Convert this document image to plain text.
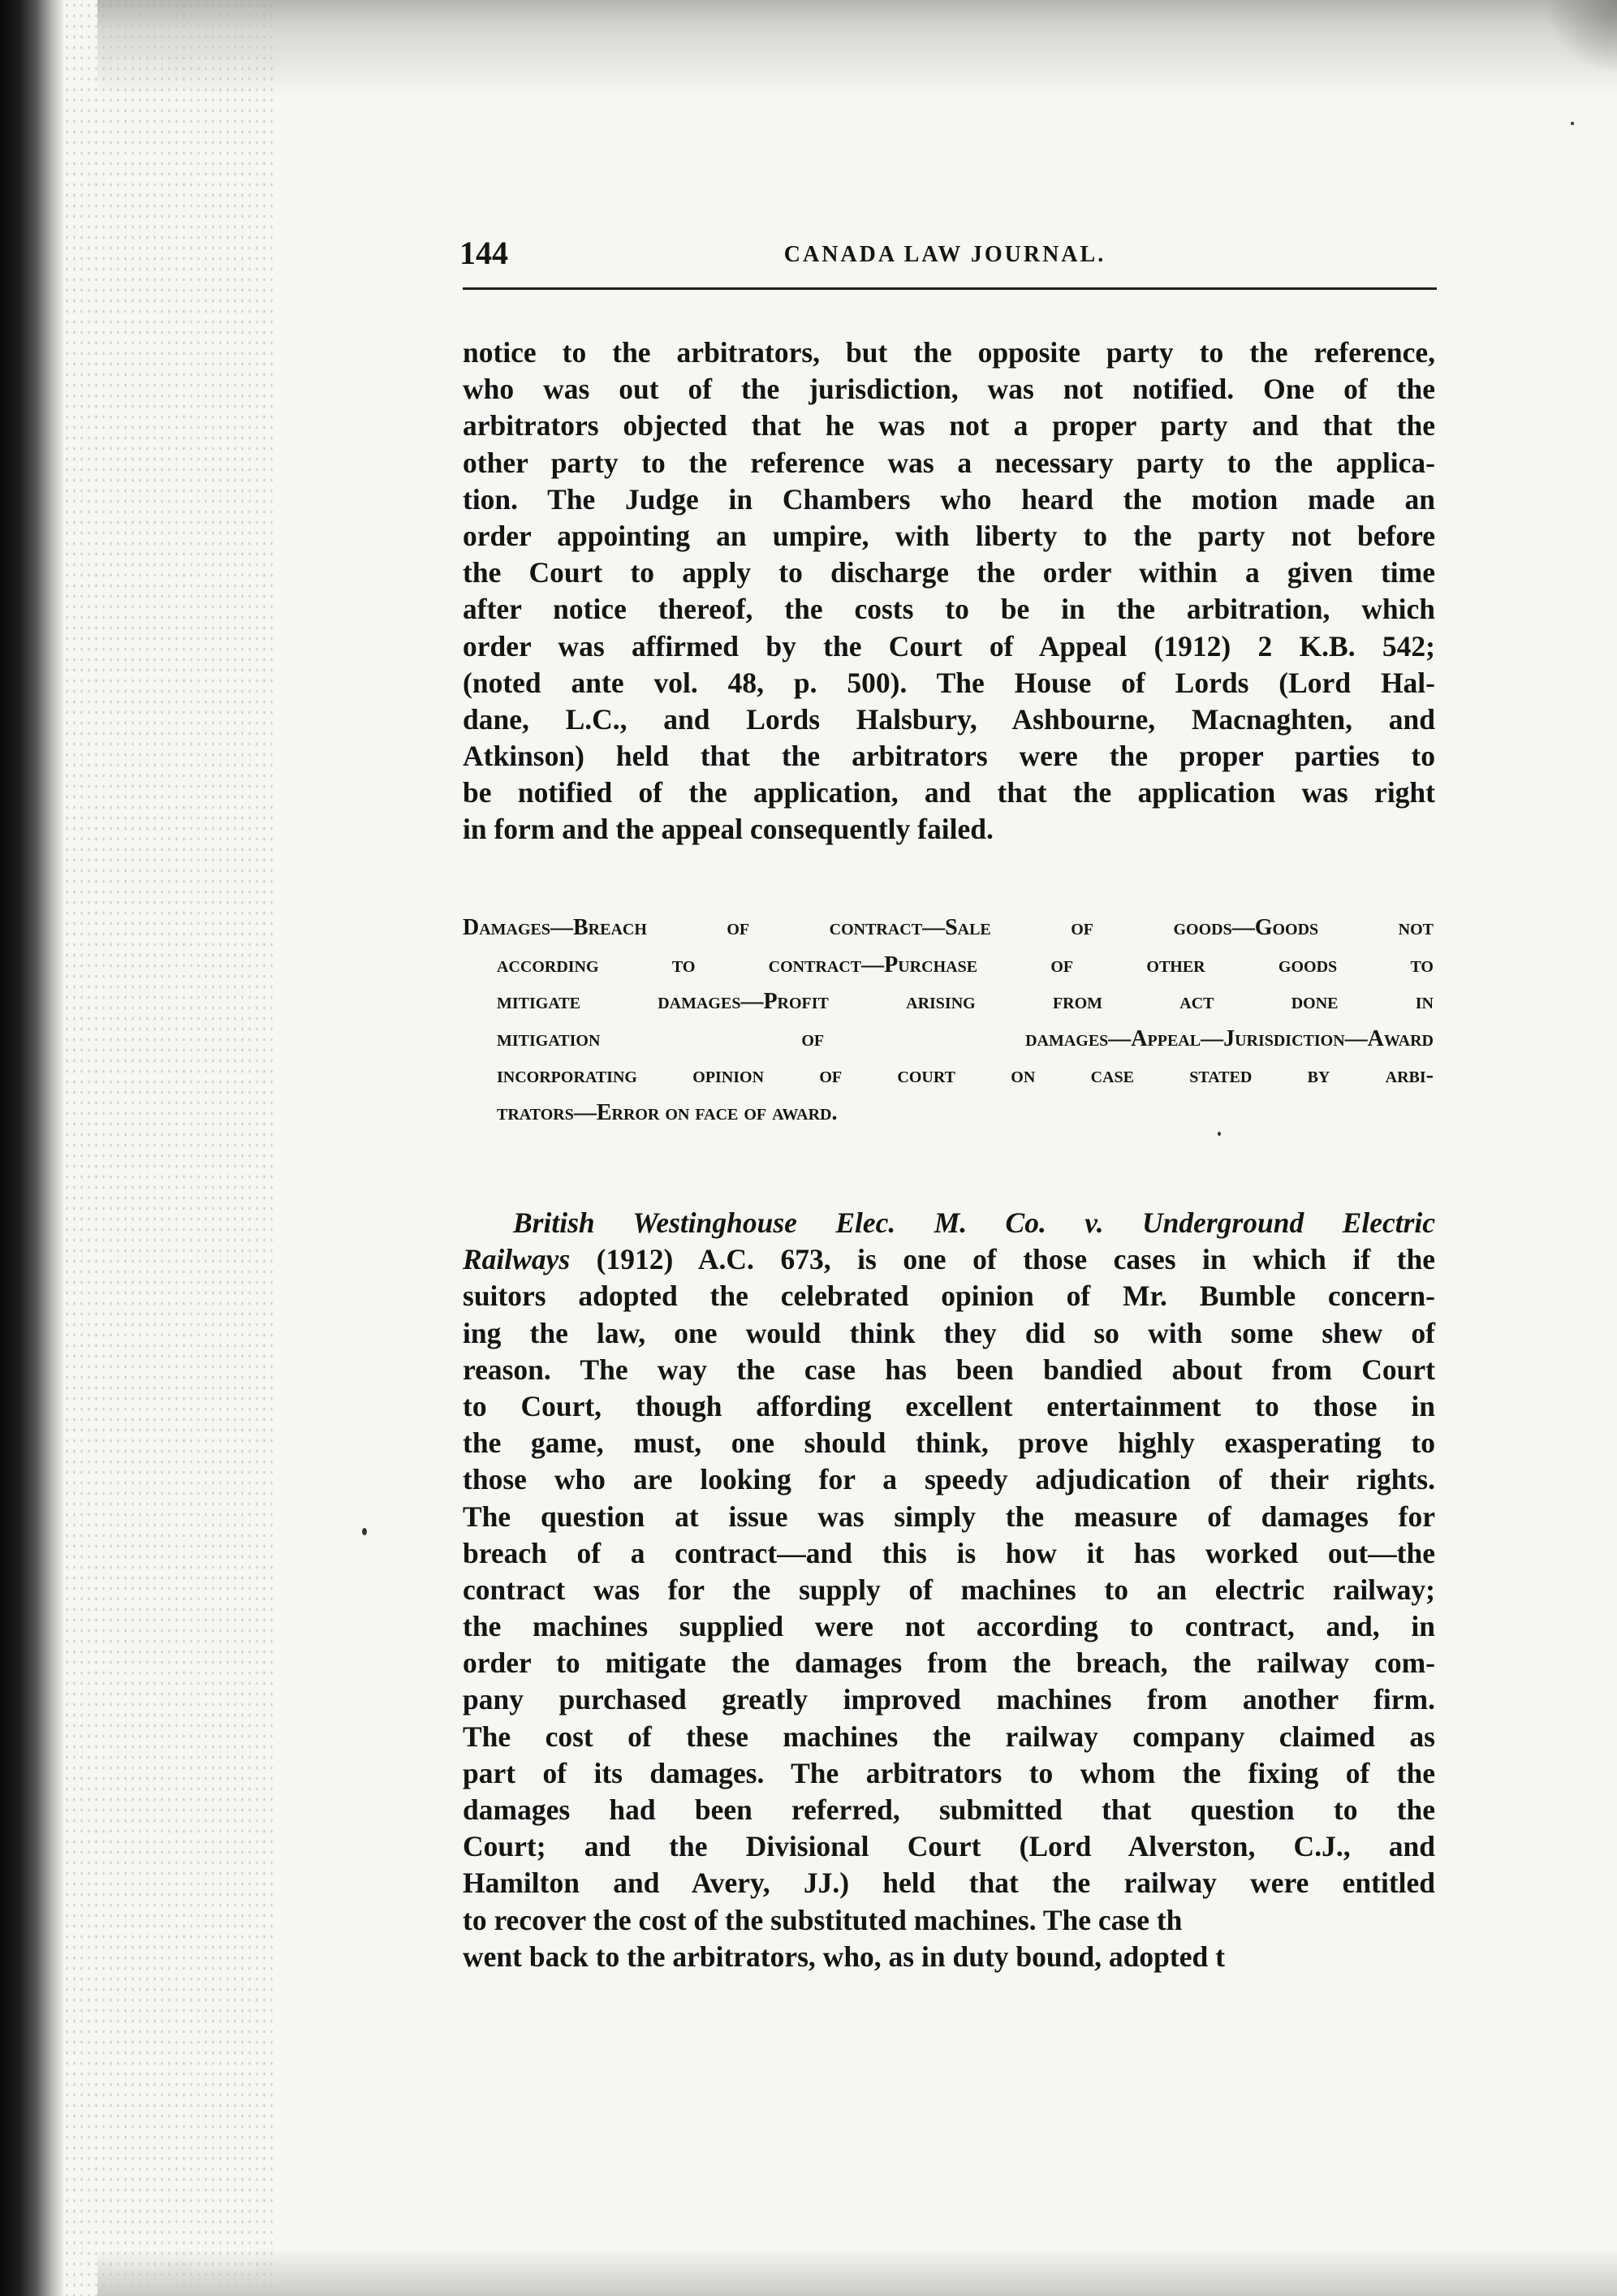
144	CANADA LAW JOURNAL.
notice to the arbitrators, but the opposite party to the reference,
who was out of the jurisdiction, was not notified. One of the
arbitrators objected that he was not a proper party and that the
other party to the reference was a necessary party to the applica-
tion. The Judge in Chambers who heard the motion made an
order appointing an umpire, with liberty to the party not before
the Court to apply to discharge the order within a given time
after notice thereof, the costs to be in the arbitration, which
order was affirmed by the Court of Appeal (1912) 2 K.B. 542;
(noted ante vol. 48, p. 500). The House of Lords (Lord Hal-
dane, L.C., and Lords Halsbury, Ashbourne, Macnaghten, and
Atkinson) held that the arbitrators were the proper parties to
be notified of the application, and that the application was right
in form and the appeal consequently failed.
Damages—Breach of contract—Sale of goods—Goods not
according to contract—Purchase of other goods to
mitigate damages—Profit arising from act done in
mitigation of damages—Appeal—Jurisdiction—Award
incorporating opinion of court on case stated by arbi-
trators—Error on face of award.
British Westinghouse Elec. M. Co. v. Underground Electric
Railways (1912) A.C. 673, is one of those cases in which if the
suitors adopted the celebrated opinion of Mr. Bumble concern-
ing the law, one would think they did so with some shew of
reason. The way the case has been bandied about from Court
to Court, though affording excellent entertainment to those in
the game, must, one should think, prove highly exasperating to
those who are looking for a speedy adjudication of their rights.
The question at issue was simply the measure of damages for
breach of a contract—and this is how it has worked out—the
contract was for the supply of machines to an electric railway;
the machines supplied were not according to contract, and, in
order to mitigate the damages from the breach, the railway com-
pany purchased greatly improved machines from another firm.
The cost of these machines the railway company claimed as
part of its damages. The arbitrators to whom the fixing of the
damages had been referred, submitted that question to the
Court; and the Divisional Court (Lord Alverston, C.J., and
Hamilton and Avery, JJ.) held that the railway were entitled
to recover the cost of the substituted machines. The case th
went back to the arbitrators, who, as in duty bound, adopted t
